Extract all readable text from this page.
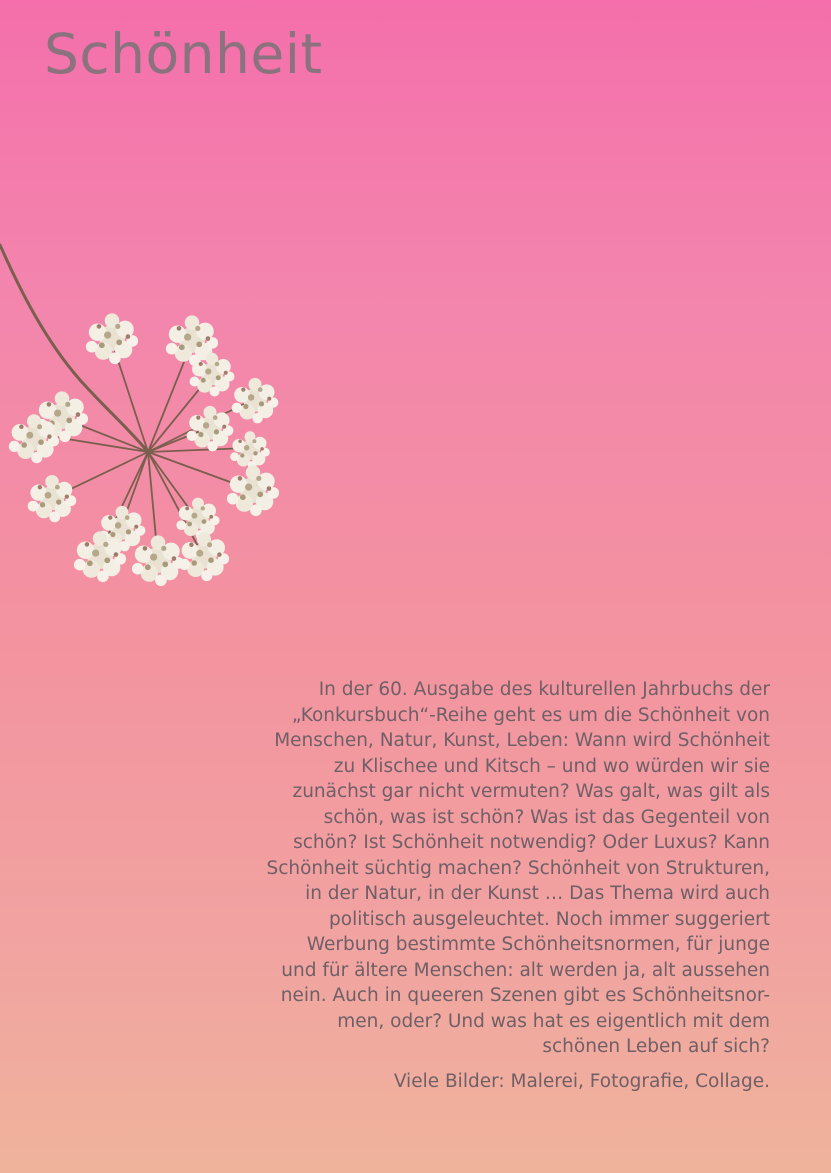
Schönheit

In der 60. Ausgabe des kulturellen Jahrbuchs der
„Konkursbuch“-Reihe geht es um die Schönheit von
Menschen, Natur, Kunst, Leben: Wann wird Schönheit
zu Klischee und Kitsch – und wo würden wir sie
zunächst gar nicht vermuten? Was galt, was gilt als
schön, was ist schön? Was ist das Gegenteil von
schön? Ist Schönheit notwendig? Oder Luxus? Kann
Schönheit süchtig machen? Schönheit von Strukturen,
in der Natur, in der Kunst … Das Thema wird auch
politisch ausgeleuchtet. Noch immer suggeriert
Werbung bestimmte Schönheitsnormen, für junge
und für ältere Menschen: alt werden ja, alt aussehen
nein. Auch in queeren Szenen gibt es Schönheitsnor-
men, oder? Und was hat es eigentlich mit dem
schönen Leben auf sich?

Viele Bilder: Malerei, Fotografie, Collage.
